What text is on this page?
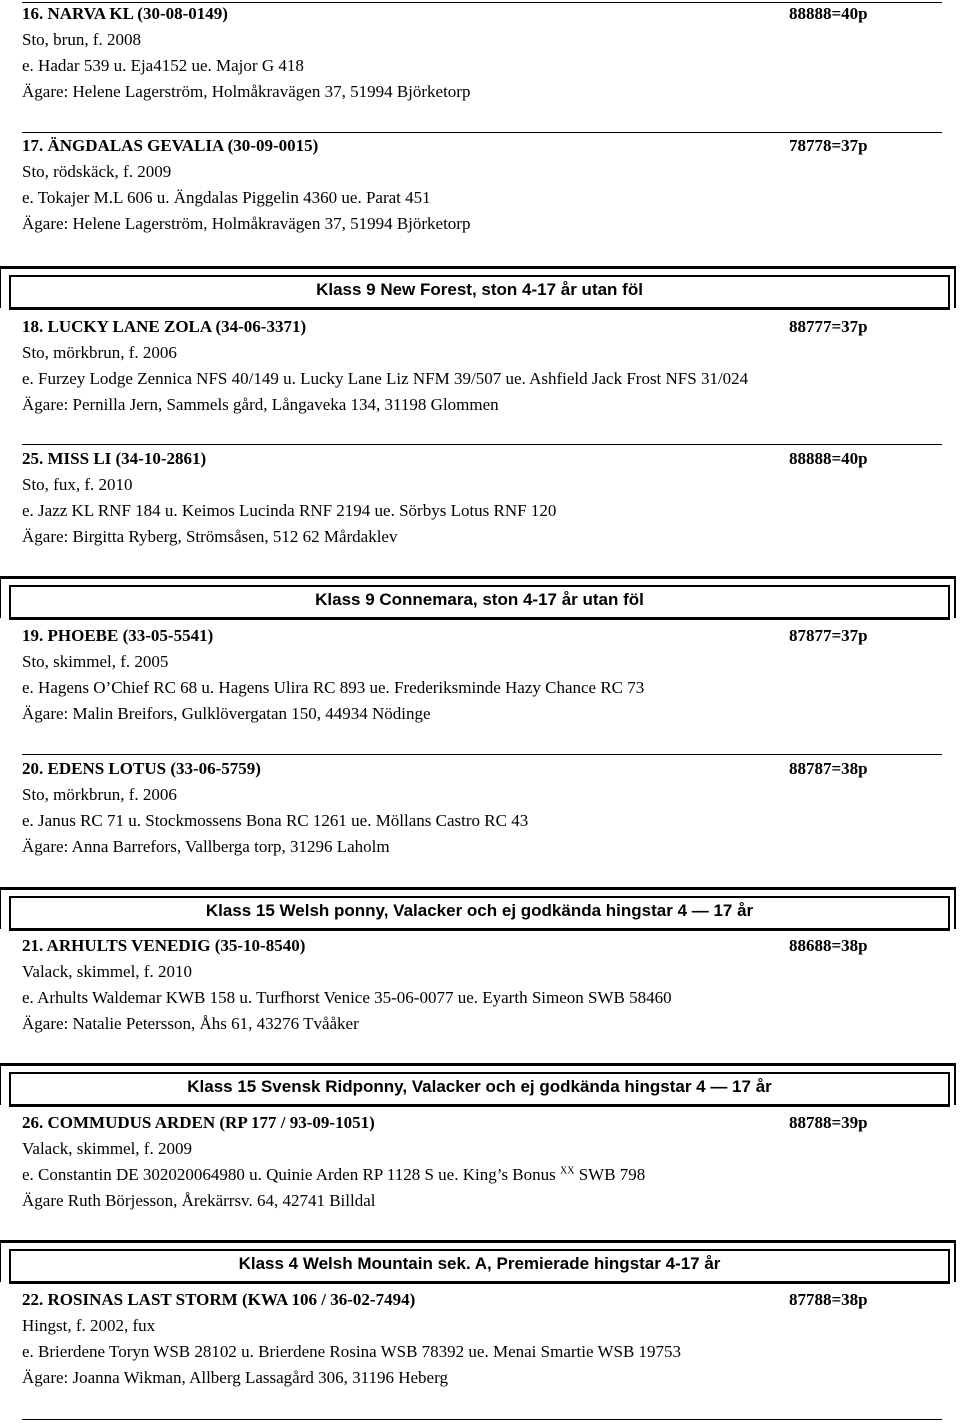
16. NARVA KL (30-08-0149)	88888=40p
Sto, brun, f. 2008
e. Hadar 539 u. Eja4152 ue. Major G 418
Ägare: Helene Lagerström, Holmåkravägen 37, 51994 Björketorp
17. ÄNGDALAS GEVALIA (30-09-0015)	78778=37p
Sto, rödskäck, f. 2009
e. Tokajer M.L 606 u. Ängdalas Piggelin 4360 ue. Parat 451
Ägare: Helene Lagerström, Holmåkravägen 37, 51994 Björketorp
Klass 9 New Forest, ston 4-17 år utan föl
18. LUCKY LANE ZOLA (34-06-3371)	88777=37p
Sto, mörkbrun, f. 2006
e. Furzey Lodge Zennica NFS 40/149 u. Lucky Lane Liz NFM 39/507 ue. Ashfield Jack Frost NFS 31/024
Ägare: Pernilla Jern, Sammels gård, Långaveka 134, 31198 Glommen
25. MISS LI (34-10-2861)	88888=40p
Sto, fux, f. 2010
e. Jazz KL RNF 184 u. Keimos Lucinda RNF 2194 ue. Sörbys Lotus RNF 120
Ägare: Birgitta Ryberg, Strömsåsen, 512 62 Mårdaklev
Klass 9 Connemara, ston 4-17 år utan föl
19. PHOEBE (33-05-5541)	87877=37p
Sto, skimmel, f. 2005
e. Hagens O’Chief RC 68 u. Hagens Ulira RC 893 ue. Frederiksminde Hazy Chance RC 73
Ägare: Malin Breifors, Gulklövergatan 150, 44934 Nödinge
20. EDENS LOTUS (33-06-5759)	88787=38p
Sto, mörkbrun, f. 2006
e. Janus RC 71 u. Stockmossens Bona RC 1261 ue. Möllans Castro RC 43
Ägare: Anna Barrefors, Vallberga torp, 31296 Laholm
Klass 15 Welsh ponny, Valacker och ej godkända hingstar 4 — 17 år
21. ARHULTS VENEDIG (35-10-8540)	88688=38p
Valack, skimmel, f. 2010
e. Arhults Waldemar KWB 158 u. Turfhorst Venice 35-06-0077 ue. Eyarth Simeon SWB 58460
Ägare: Natalie Petersson, Åhs 61, 43276 Tvååker
Klass 15 Svensk Ridponny, Valacker och ej godkända hingstar 4 — 17 år
26. COMMUDUS ARDEN (RP 177 / 93-09-1051)	88788=39p
Valack, skimmel, f. 2009
e. Constantin DE 302020064980 u. Quinie Arden RP 1128 S ue. King’s Bonus $^{XX}$ SWB 798
Ägare Ruth Börjesson, Årekärrsv. 64, 42741 Billdal
Klass 4 Welsh Mountain sek. A, Premierade hingstar 4-17 år
22. ROSINAS LAST STORM (KWA 106 / 36-02-7494)	87788=38p
Hingst, f. 2002, fux
e. Brierdene Toryn WSB 28102 u. Brierdene Rosina WSB 78392 ue. Menai Smartie WSB 19753
Ägare: Joanna Wikman, Allberg Lassagård 306, 31196 Heberg
